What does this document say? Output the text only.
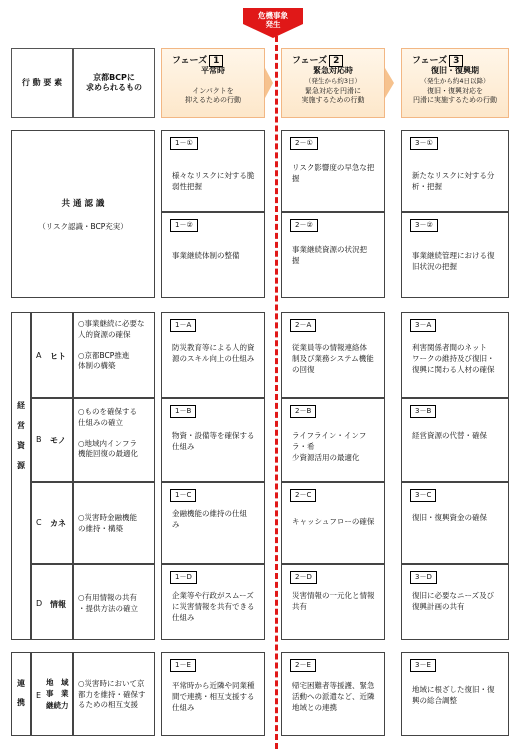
行 動 要 素
京都BCPに
求められるもの
フェーズ 1
平常時
インパクトを
抑えるための行動
フェーズ 2
緊急対応時
（発生から約3日）
緊急対応を円滑に
実施するための行動
フェーズ 3
復旧・復興期
（発生から約4日以降）
復旧・復興対応を
円滑に実施するための行動
共 通 認 識
（リスク認識・BCP充実）
1－①
様々なリスクに対する脆
弱性把握
2－①
リスク影響度の早急な把
握
3－①
新たなリスクに対する分
析・把握
1－②
事業継続体制の整備
2－②
事業継続資源の状況把
握
3－②
事業継続管理における復
旧状況の把握
経

営

資

源
A ヒト
○事業継続に必要な
人的資源の確保

○京都BCP推進
体制の構築
B モノ
○ものを確保する
仕組みの確立

○地域内インフラ
機能回復の最適化
C カネ
○災害時金融機能
の維持・構築
D 情報
○有用情報の共有
・提供方法の確立
1－A
防災教育等による人的資
源のスキル向上の仕組み
1－B
物資・設備等を確保する
仕組み
1－C
金融機能の維持の仕組
み
1－D
企業等や行政がスムーズ
に災害情報を共有できる
仕組み
2－A
従業員等の情報連絡体
制及び業務システム機能
の回復
2－B
ライフライン・インフラ・希
少資源活用の最適化
2－C
キャッシュフローの確保
2－D
災害情報の一元化と情報
共有
3－A
利害関係者間のネット
ワークの維持及び復旧・
復興に関わる人材の確保
3－B
経営資源の代替・確保
3－C
復旧・復興資金の確保
3－D
復旧に必要なニーズ及び
復興計画の共有
連

携
E
地　域
事　業
継続力
○災害時において京
都力を維持・確保す
るための相互支援
1－E
平常時から近隣や同業種
間で連携・相互支援する
仕組み
2－E
帰宅困難者等援護、緊急
活動への派遣など、近隣
地域との連携
3－E
地域に根ざした復旧・復
興の総合調整
危機事象
発生
